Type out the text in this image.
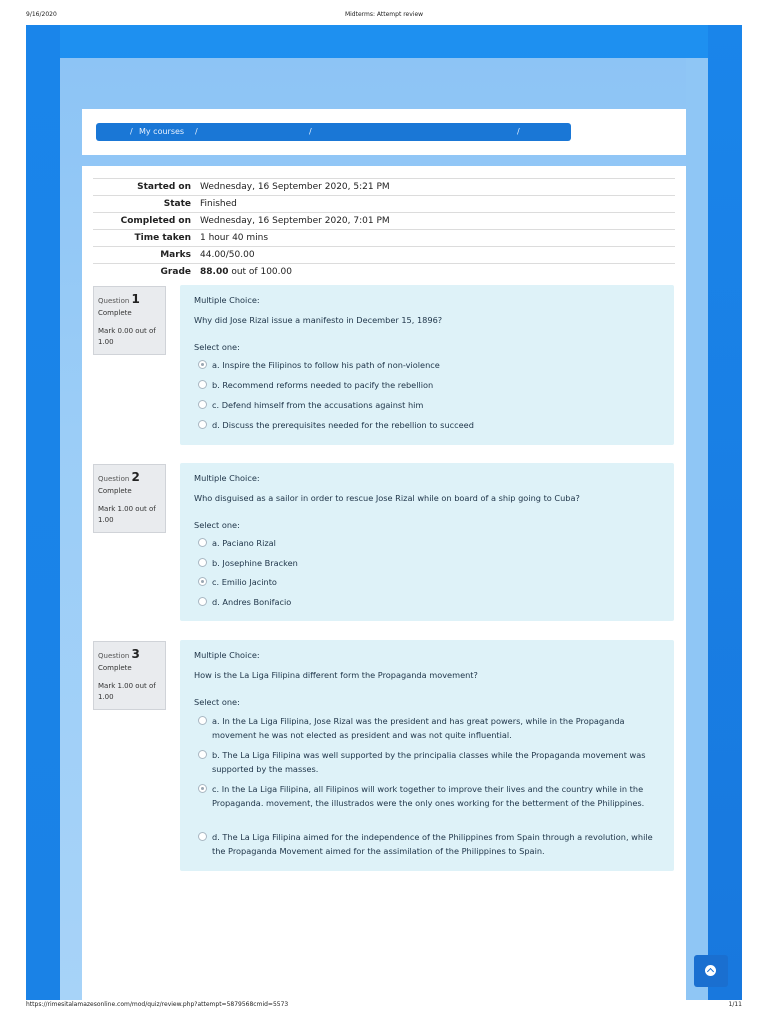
9/16/2020	Midterms: Attempt review
/ My courses /	/	/
Started on Wednesday, 16 September 2020, 5:21 PM
State Finished
Completed on Wednesday, 16 September 2020, 7:01 PM
Time taken 1 hour 40 mins
Marks 44.00/50.00
Grade 88.00 out of 100.00
Question 1
Complete
Mark 0.00 out of 1.00
Multiple Choice:
Why did Jose Rizal issue a manifesto in December 15, 1896?
Select one:
a. Inspire the Filipinos to follow his path of non-violence
b. Recommend reforms needed to pacify the rebellion
c. Defend himself from the accusations against him
d. Discuss the prerequisites needed for the rebellion to succeed
Question 2
Complete
Mark 1.00 out of 1.00
Multiple Choice:
Who disguised as a sailor in order to rescue Jose Rizal while on board of a ship going to Cuba?
Select one:
a. Paciano Rizal
b. Josephine Bracken
c. Emilio Jacinto
d. Andres Bonifacio
Question 3
Complete
Mark 1.00 out of 1.00
Multiple Choice:
How is the La Liga Filipina different form the Propaganda movement?
Select one:
a. In the La Liga Filipina, Jose Rizal was the president and has great powers, while in the Propaganda movement he was not elected as president and was not quite influential.
b. The La Liga Filipina was well supported by the principalia classes while the Propaganda movement was supported by the masses.
c. In the La Liga Filipina, all Filipinos will work together to improve their lives and the country while in the Propaganda. movement, the illustrados were the only ones working for the betterment of the Philippines.
d. The La Liga Filipina aimed for the independence of the Philippines from Spain through a revolution, while the Propaganda Movement aimed for the assimilation of the Philippines to Spain.
https://rimesitalamazesonline.com/mod/quiz/review.php?attempt=5879568cmid=5573	1/11
